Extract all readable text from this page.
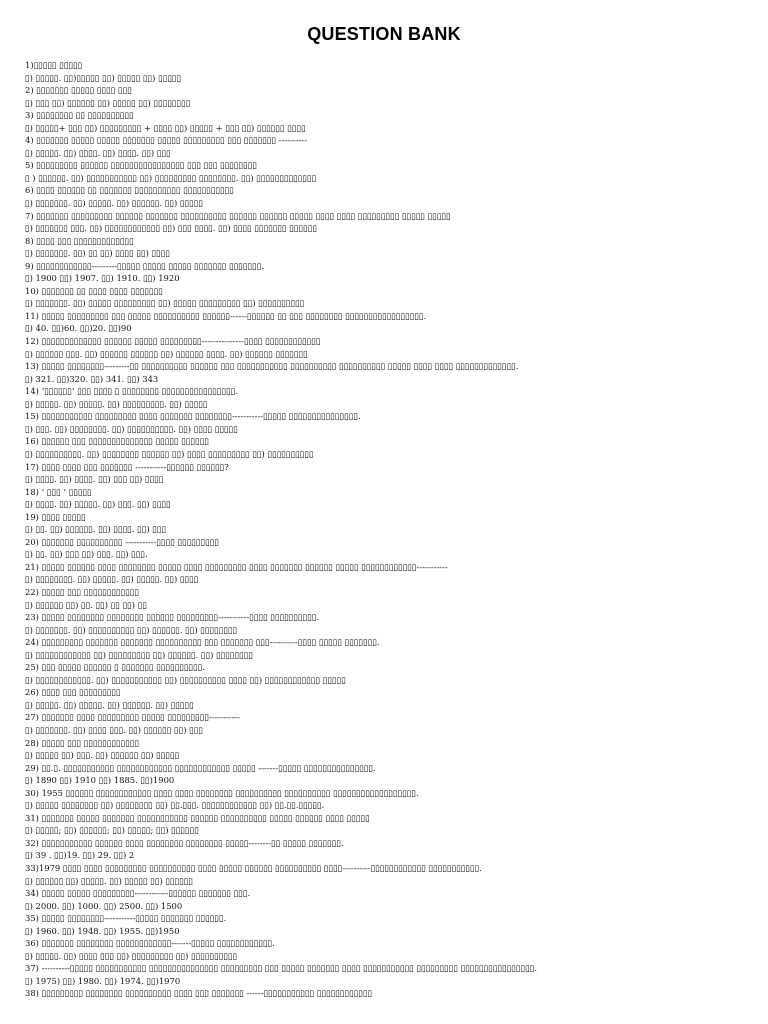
QUESTION BANK
1)▯▯▯▯▯ ▯▯▯▯▯
▯) ▯▯▯▯▯. ▯▯)▯▯▯▯▯ ▯▯) ▯▯▯▯▯ ▯▯) ▯▯▯▯▯
2) ▯▯▯▯▯▯▯ ▯▯▯▯▯ ▯▯▯▯ ▯▯▯
▯) ▯▯▯ ▯▯) ▯▯▯▯▯▯ ▯▯) ▯▯▯▯▯ ▯▯) ▯▯▯▯▯▯▯▯
3) ▯▯▯▯▯▯▯▯ ▯▯ ▯▯▯▯▯▯▯▯▯▯
▯) ▯▯▯▯▯+ ▯▯▯ ▯▯) ▯▯▯▯▯▯▯▯▯ + ▯▯▯▯ ▯▯) ▯▯▯▯▯ + ▯▯▯ ▯▯) ▯▯▯▯▯▯ ▯▯▯▯
4) ▯▯▯▯▯▯▯ ▯▯▯▯▯ ▯▯▯▯▯ ▯▯▯▯▯▯▯ ▯▯▯▯▯ ▯▯▯▯▯▯▯▯▯ ▯▯▯ ▯▯▯▯▯▯▯ ----------
▯) ▯▯▯▯▯. ▯▯) ▯▯▯▯. ▯▯) ▯▯▯▯. ▯▯) ▯▯▯
5) ▯▯▯▯▯▯▯▯▯ ▯▯▯▯▯▯ ▯▯▯▯▯▯▯▯▯▯▯▯▯▯▯▯ ▯▯▯ ▯▯▯ ▯▯▯▯▯▯▯▯
▯ ) ▯▯▯▯▯▯. ▯▯) ▯▯▯▯▯▯▯▯▯▯▯ ▯▯) ▯▯▯▯▯▯▯▯▯ ▯▯▯▯▯▯▯▯. ▯▯) ▯▯▯▯▯▯▯▯▯▯▯▯▯
6) ▯▯▯▯ ▯▯▯▯▯▯ ▯▯ ▯▯▯▯▯▯▯ ▯▯▯▯▯▯▯▯▯▯ ▯▯▯▯▯▯▯▯▯▯▯
▯) ▯▯▯▯▯▯▯. ▯▯) ▯▯▯▯▯. ▯▯) ▯▯▯▯▯▯. ▯▯) ▯▯▯▯▯
7) ▯▯▯▯▯▯▯ ▯▯▯▯▯▯▯▯▯ ▯▯▯▯▯▯ ▯▯▯▯▯▯▯ ▯▯▯▯▯▯▯▯▯▯ ▯▯▯▯▯▯ ▯▯▯▯▯▯ ▯▯▯▯▯ ▯▯▯▯ ▯▯▯▯ ▯▯▯▯▯▯▯▯▯ ▯▯▯▯▯ ▯▯▯▯▯
▯) ▯▯▯▯▯▯▯ ▯▯▯. ▯▯) ▯▯▯▯▯▯▯▯▯▯▯▯ ▯▯) ▯▯▯ ▯▯▯▯. ▯▯) ▯▯▯▯ ▯▯▯▯▯▯▯ ▯▯▯▯▯▯
8) ▯▯▯▯ ▯▯▯ ▯▯▯▯▯▯▯▯▯▯▯▯▯
▯) ▯▯▯▯▯▯▯. ▯▯) ▯▯ ▯▯) ▯▯▯▯ ▯▯) ▯▯▯▯
9) ▯▯▯▯▯▯▯▯▯▯▯▯---------▯▯▯▯▯ ▯▯▯▯▯ ▯▯▯▯▯ ▯▯▯▯▯▯▯ ▯▯▯▯▯▯▯.
▯) 1900 ▯▯) 1907. ▯▯) 1910. ▯▯) 1920
10) ▯▯▯▯▯▯▯ ▯▯ ▯▯▯▯ ▯▯▯▯ ▯▯▯▯▯▯▯
▯) ▯▯▯▯▯▯▯. ▯▯) ▯▯▯▯▯ ▯▯▯▯▯▯▯▯▯ ▯▯) ▯▯▯▯▯ ▯▯▯▯▯▯▯▯▯ ▯▯) ▯▯▯▯▯▯▯▯▯▯
11) ▯▯▯▯▯ ▯▯▯▯▯▯▯▯▯ ▯▯▯ ▯▯▯▯▯ ▯▯▯▯▯▯▯▯▯▯ ▯▯▯▯▯▯------▯▯▯▯▯▯ ▯▯ ▯▯▯ ▯▯▯▯▯▯▯▯ ▯▯▯▯▯▯▯▯▯▯▯▯▯▯▯▯▯.
▯) 40. ▯▯)60. ▯▯)20. ▯▯)90
12) ▯▯▯▯▯▯▯▯▯▯▯▯▯ ▯▯▯▯▯▯ ▯▯▯▯▯ ▯▯▯▯▯▯▯▯▯---------------▯▯▯▯ ▯▯▯▯▯▯▯▯▯▯▯▯
▯) ▯▯▯▯▯▯ ▯▯▯. ▯▯) ▯▯▯▯▯▯ ▯▯▯▯▯▯ ▯▯) ▯▯▯▯▯▯ ▯▯▯▯. ▯▯) ▯▯▯▯▯▯ ▯▯▯▯▯▯▯
13) ▯▯▯▯▯ ▯▯▯▯▯▯▯▯---------▯▯ ▯▯▯▯▯▯▯▯▯▯ ▯▯▯▯▯▯ ▯▯▯ ▯▯▯▯▯▯▯▯▯▯▯ ▯▯▯▯▯▯▯▯▯▯ ▯▯▯▯▯▯▯▯▯▯ ▯▯▯▯▯ ▯▯▯▯ ▯▯▯▯ ▯▯▯▯▯▯▯▯▯▯▯▯▯.
▯) 321. ▯▯)320. ▯▯) 341. ▯▯) 343
14) ‘▯▯▯▯▯▯’ ▯▯▯ ▯▯▯▯ ▯ ▯▯▯▯▯▯▯▯ ▯▯▯▯▯▯▯▯▯▯▯▯▯▯▯▯.
▯) ▯▯▯▯▯. ▯▯) ▯▯▯▯▯. ▯▯) ▯▯▯▯▯▯▯▯▯. ▯▯) ▯▯▯▯▯
15) ▯▯▯▯▯▯▯▯▯▯▯ ▯▯▯▯▯▯▯▯▯ ▯▯▯▯ ▯▯▯▯▯▯▯ ▯▯▯▯▯▯▯▯-----------▯▯▯▯▯ ▯▯▯▯▯▯▯▯▯▯▯▯▯▯▯.
▯) ▯▯▯. ▯▯) ▯▯▯▯▯▯▯▯. ▯▯) ▯▯▯▯▯▯▯▯▯▯. ▯▯) ▯▯▯▯ ▯▯▯▯▯
16) ▯▯▯▯▯▯ ▯▯▯ ▯▯▯▯▯▯▯▯▯▯▯▯▯▯ ▯▯▯▯▯ ▯▯▯▯▯▯
▯) ▯▯▯▯▯▯▯▯▯▯. ▯▯) ▯▯▯▯▯▯▯▯ ▯▯▯▯▯▯ ▯▯) ▯▯▯▯ ▯▯▯▯▯▯▯▯▯ ▯▯) ▯▯▯▯▯▯▯▯▯▯
17) ▯▯▯▯ ▯▯▯▯ ▯▯▯ ▯▯▯▯▯▯▯ -----------▯▯▯▯▯▯ ▯▯▯▯▯▯?
▯) ▯▯▯▯. ▯▯) ▯▯▯▯. ▯▯) ▯▯▯ ▯▯) ▯▯▯▯
18) ‘ ▯▯▯ ’ ▯▯▯▯▯
▯) ▯▯▯▯. ▯▯) ▯▯▯▯▯. ▯▯) ▯▯▯. ▯▯) ▯▯▯▯
19) ▯▯▯▯ ▯▯▯▯▯
▯) ▯▯. ▯▯) ▯▯▯▯▯▯. ▯▯) ▯▯▯▯. ▯▯) ▯▯▯
20) ▯▯▯▯▯▯▯ ▯▯▯▯▯▯▯▯▯▯ -----------▯▯▯▯ ▯▯▯▯▯▯▯▯▯
▯) ▯▯. ▯▯) ▯▯▯ ▯▯) ▯▯▯. ▯▯) ▯▯▯.
21) ▯▯▯▯▯ ▯▯▯▯▯▯ ▯▯▯▯ ▯▯▯▯▯▯▯▯ ▯▯▯▯▯ ▯▯▯▯ ▯▯▯▯▯▯▯▯▯ ▯▯▯▯ ▯▯▯▯▯▯▯ ▯▯▯▯▯▯ ▯▯▯▯▯ ▯▯▯▯▯▯▯▯▯▯▯▯-----------
▯) ▯▯▯▯▯▯▯▯. ▯▯) ▯▯▯▯▯. ▯▯) ▯▯▯▯▯. ▯▯) ▯▯▯▯
22) ▯▯▯▯▯ ▯▯▯ ▯▯▯▯▯▯▯▯▯▯▯▯
▯) ▯▯▯▯▯▯ ▯▯) ▯▯. ▯▯) ▯▯ ▯▯) ▯▯
23) ▯▯▯▯▯ ▯▯▯▯▯▯▯▯ ▯▯▯▯▯▯▯▯ ▯▯▯▯▯▯ ▯▯▯▯▯▯▯▯▯-----------▯▯▯▯ ▯▯▯▯▯▯▯▯▯▯.
▯) ▯▯▯▯▯▯▯. ▯▯) ▯▯▯▯▯▯▯▯▯▯ ▯▯) ▯▯▯▯▯▯. ▯▯) ▯▯▯▯▯▯▯▯
24) ▯▯▯▯▯▯▯▯▯ ▯▯▯▯▯▯▯ ▯▯▯▯▯▯▯ ▯▯▯▯▯▯▯▯▯▯ ▯▯▯ ▯▯▯▯▯▯▯ ▯▯▯----------▯▯▯▯ ▯▯▯▯▯ ▯▯▯▯▯▯▯.
▯) ▯▯▯▯▯▯▯▯▯▯▯▯ ▯▯) ▯▯▯▯▯▯▯▯▯ ▯▯) ▯▯▯▯▯▯. ▯▯) ▯▯▯▯▯▯▯▯
25) ▯▯▯ ▯▯▯▯▯ ▯▯▯▯▯▯ ▯ ▯▯▯▯▯▯▯ ▯▯▯▯▯▯▯▯▯▯.
▯) ▯▯▯▯▯▯▯▯▯▯▯▯. ▯▯) ▯▯▯▯▯▯▯▯▯▯▯ ▯▯) ▯▯▯▯▯▯▯▯▯▯ ▯▯▯▯ ▯▯) ▯▯▯▯▯▯▯▯▯▯▯▯ ▯▯▯▯▯
26) ▯▯▯▯ ▯▯▯ ▯▯▯▯▯▯▯▯▯
▯) ▯▯▯▯▯. ▯▯) ▯▯▯▯▯. ▯▯) ▯▯▯▯▯▯. ▯▯) ▯▯▯▯▯
27) ▯▯▯▯▯▯▯ ▯▯▯▯ ▯▯▯▯▯▯▯▯▯ ▯▯▯▯▯ ▯▯▯▯▯▯▯▯▯-----------
▯) ▯▯▯▯▯▯▯. ▯▯) ▯▯▯▯ ▯▯▯. ▯▯) ▯▯▯▯▯▯ ▯▯) ▯▯▯
28) ▯▯▯▯▯ ▯▯▯ ▯▯▯▯▯▯▯▯▯▯▯▯
▯) ▯▯▯▯▯ ▯▯) ▯▯▯. ▯▯) ▯▯▯▯▯▯ ▯▯) ▯▯▯▯▯
29) ▯▯.▯. ▯▯▯▯▯▯▯▯▯▯▯ ▯▯▯▯▯▯▯▯▯▯▯▯ ▯▯▯▯▯▯▯▯▯▯▯▯ ▯▯▯▯▯ -------▯▯▯▯▯ ▯▯▯▯▯▯▯▯▯▯▯▯▯▯▯.
▯) 1890 ▯▯) 1910 ▯▯) 1885. ▯▯)1900
30) 1955 ▯▯▯▯▯▯ ▯▯▯▯▯▯▯▯▯▯▯▯ ▯▯▯▯ ▯▯▯▯ ▯▯▯▯▯▯▯▯ ▯▯▯▯▯▯▯▯▯▯ ▯▯▯▯▯▯▯▯▯▯ ▯▯▯▯▯▯▯▯▯▯▯▯▯▯▯▯▯▯.
▯) ▯▯▯▯▯ ▯▯▯▯▯▯▯▯ ▯▯) ▯▯▯▯▯▯▯▯ ▯▯) ▯▯.▯▯▯. ▯▯▯▯▯▯▯▯▯▯▯▯ ▯▯) ▯▯.▯▯.▯▯▯▯▯.
31) ▯▯▯▯▯▯▯ ▯▯▯▯▯ ▯▯▯▯▯▯▯ ▯▯▯▯▯▯▯▯▯▯▯ ▯▯▯▯▯▯ ▯▯▯▯▯▯▯▯▯▯ ▯▯▯▯▯ ▯▯▯▯▯▯ ▯▯▯▯ ▯▯▯▯▯
▯) ▯▯▯▯▯; ▯▯) ▯▯▯▯▯▯; ▯▯) ▯▯▯▯▯; ▯▯) ▯▯▯▯▯▯
32) ▯▯▯▯▯▯▯▯▯▯▯ ▯▯▯▯▯▯ ▯▯▯▯ ▯▯▯▯▯▯▯▯ ▯▯▯▯▯▯▯▯ ▯▯▯▯▯--------▯▯ ▯▯▯▯▯ ▯▯▯▯▯▯▯.
▯) 39 . ▯▯)19. ▯▯) 29. ▯▯) 2
33)1979 ▯▯▯▯ ▯▯▯▯ ▯▯▯▯▯▯▯▯▯ ▯▯▯▯▯▯▯▯▯▯ ▯▯▯▯ ▯▯▯▯▯ ▯▯▯▯▯▯ ▯▯▯▯▯▯▯▯▯▯ ▯▯▯▯----------▯▯▯▯▯▯▯▯▯▯▯▯ ▯▯▯▯▯▯▯▯▯▯▯.
▯) ▯▯▯▯▯▯ ▯▯) ▯▯▯▯▯. ▯▯) ▯▯▯▯▯ ▯▯) ▯▯▯▯▯▯
34) ▯▯▯▯▯ ▯▯▯▯▯ ▯▯▯▯▯▯▯▯▯------------▯▯▯▯▯▯ ▯▯▯▯▯▯▯ ▯▯▯.
▯) 2000. ▯▯) 1000. ▯▯) 2500. ▯▯) 1500
35) ▯▯▯▯▯ ▯▯▯▯▯▯▯▯-----------▯▯▯▯▯ ▯▯▯▯▯▯▯ ▯▯▯▯▯▯.
▯) 1960. ▯▯) 1948. ▯▯) 1955. ▯▯)1950
36) ▯▯▯▯▯▯▯ ▯▯▯▯▯▯▯▯ ▯▯▯▯▯▯▯▯▯▯▯▯-------▯▯▯▯▯ ▯▯▯▯▯▯▯▯▯▯▯▯.
▯) ▯▯▯▯▯. ▯▯) ▯▯▯▯ ▯▯▯ ▯▯) ▯▯▯▯▯▯▯▯▯ ▯▯) ▯▯▯▯▯▯▯▯▯▯
37) ----------▯▯▯▯▯ ▯▯▯▯▯▯▯▯▯▯▯ ▯▯▯▯▯▯▯▯▯▯▯▯▯▯▯ ▯▯▯▯▯▯▯▯▯ ▯▯▯ ▯▯▯▯▯ ▯▯▯▯▯▯▯ ▯▯▯▯ ▯▯▯▯▯▯▯▯▯▯▯ ▯▯▯▯▯▯▯▯▯ ▯▯▯▯▯▯▯▯▯▯▯▯▯▯▯▯.
▯) 1975) ▯▯) 1980. ▯▯) 1974. ▯▯)1970
38) ▯▯▯▯▯▯▯▯▯ ▯▯▯▯▯▯▯▯ ▯▯▯▯▯▯▯▯▯▯ ▯▯▯▯ ▯▯▯ ▯▯▯▯▯▯▯ ------▯▯▯▯▯▯▯▯▯▯▯ ▯▯▯▯▯▯▯▯▯▯▯▯
